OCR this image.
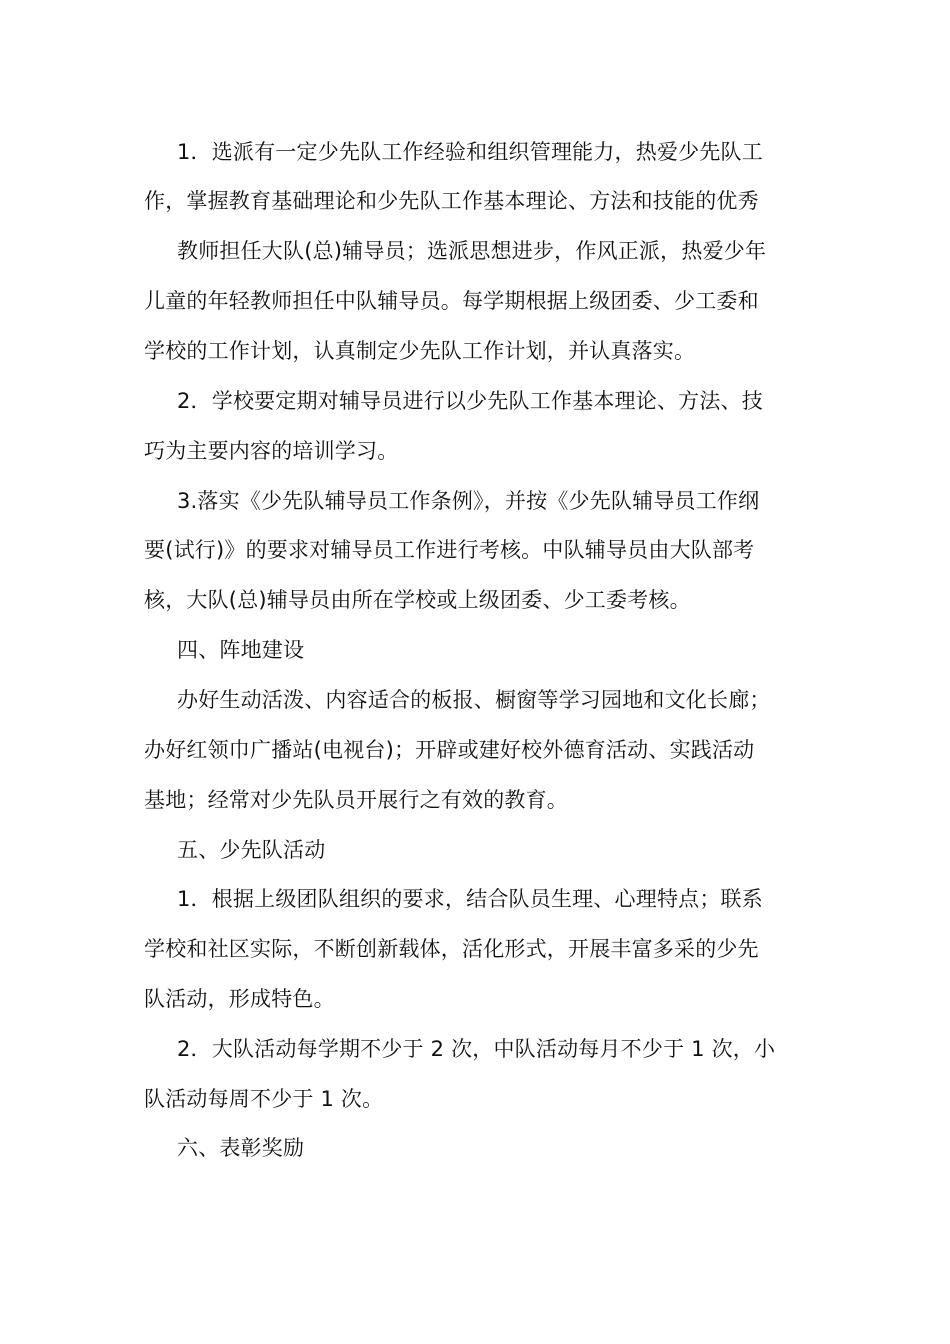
1．选派有一定少先队工作经验和组织管理能力，热爱少先队工
作，掌握教育基础理论和少先队工作基本理论、方法和技能的优秀
教师担任大队(总)辅导员；选派思想进步，作风正派，热爱少年
儿童的年轻教师担任中队辅导员。每学期根据上级团委、少工委和
学校的工作计划，认真制定少先队工作计划，并认真落实。
2．学校要定期对辅导员进行以少先队工作基本理论、方法、技
巧为主要内容的培训学习。
3.落实《少先队辅导员工作条例》，并按《少先队辅导员工作纲
要(试行)》的要求对辅导员工作进行考核。中队辅导员由大队部考
核，大队(总)辅导员由所在学校或上级团委、少工委考核。
四、阵地建设
办好生动活泼、内容适合的板报、橱窗等学习园地和文化长廊；
办好红领巾广播站(电视台)；开辟或建好校外德育活动、实践活动
基地；经常对少先队员开展行之有效的教育。
五、少先队活动
1．根据上级团队组织的要求，结合队员生理、心理特点；联系
学校和社区实际，不断创新载体，活化形式，开展丰富多采的少先
队活动，形成特色。
2．大队活动每学期不少于 2 次，中队活动每月不少于 1 次，小
队活动每周不少于 1 次。
六、表彰奖励
